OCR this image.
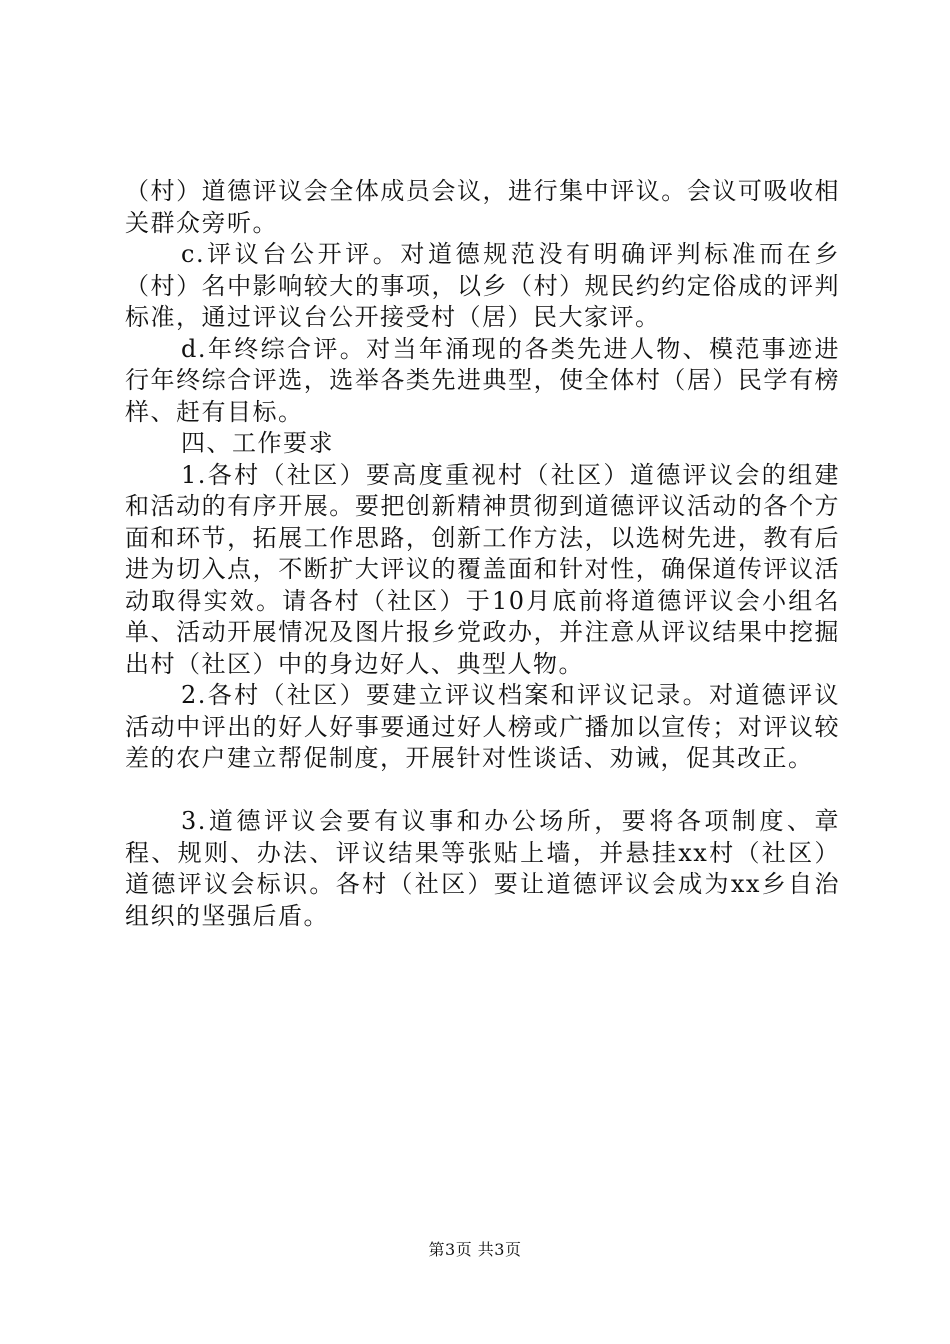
（村）道德评议会全体成员会议，进行集中评议。会议可吸收相关群众旁听。

c.评议台公开评。对道德规范没有明确评判标准而在乡（村）名中影响较大的事项，以乡（村）规民约约定俗成的评判标准，通过评议台公开接受村（居）民大家评。

d.年终综合评。对当年涌现的各类先进人物、模范事迹进行年终综合评选，选举各类先进典型，使全体村（居）民学有榜样、赶有目标。

四、工作要求

1.各村（社区）要高度重视村（社区）道德评议会的组建和活动的有序开展。要把创新精神贯彻到道德评议活动的各个方面和环节，拓展工作思路，创新工作方法，以选树先进，教有后进为切入点，不断扩大评议的覆盖面和针对性，确保道传评议活动取得实效。请各村（社区）于10月底前将道德评议会小组名单、活动开展情况及图片报乡党政办，并注意从评议结果中挖掘出村（社区）中的身边好人、典型人物。

2.各村（社区）要建立评议档案和评议记录。对道德评议活动中评出的好人好事要通过好人榜或广播加以宣传；对评议较差的农户建立帮促制度，开展针对性谈话、劝诫，促其改正。

3.道德评议会要有议事和办公场所，要将各项制度、章程、规则、办法、评议结果等张贴上墙，并悬挂xx村（社区）道德评议会标识。各村（社区）要让道德评议会成为xx乡自治组织的坚强后盾。

第3页 共3页
